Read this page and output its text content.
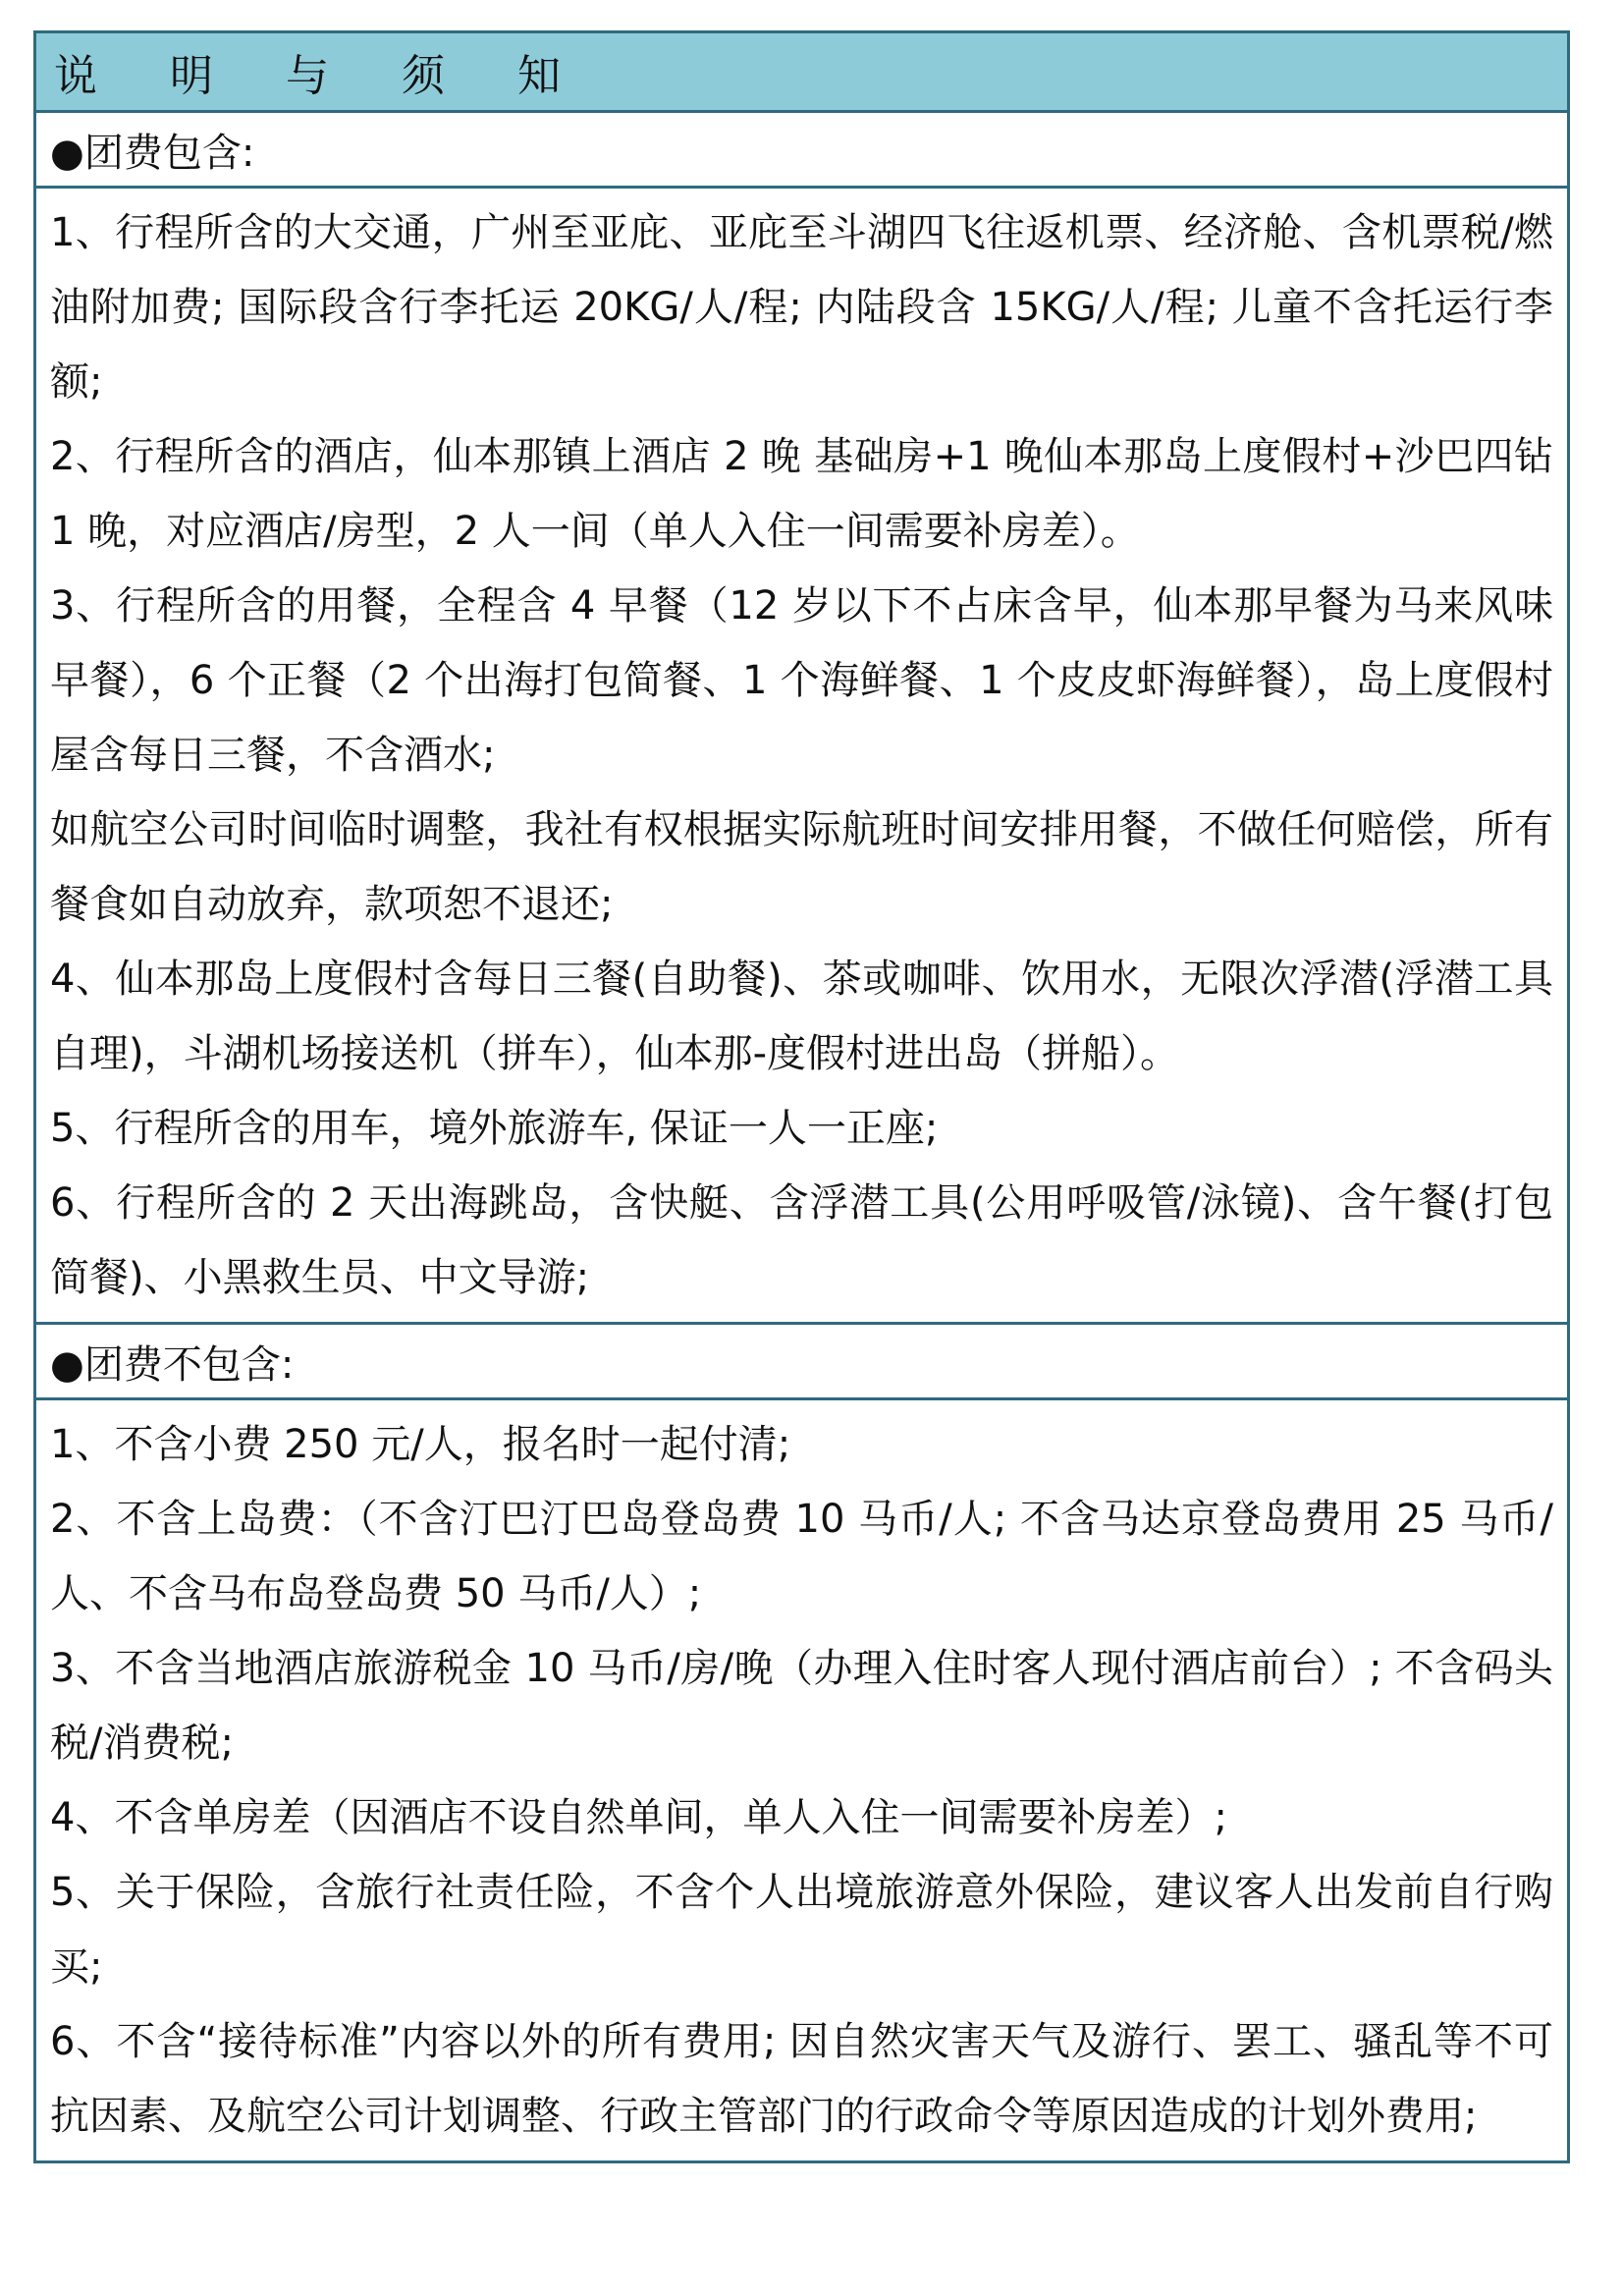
说 明 与 须 知
●团费包含:
1、行程所含的大交通，广州至亚庇、亚庇至斗湖四飞往返机票、经济舱、含机票税/燃油附加费; 国际段含行李托运 20KG/人/程; 内陆段含 15KG/人/程; 儿童不含托运行李额;
2、行程所含的酒店，仙本那镇上酒店 2 晚 基础房+1 晚仙本那岛上度假村+沙巴四钻 1 晚，对应酒店/房型，2 人一间（单人入住一间需要补房差）。
3、行程所含的用餐，全程含 4 早餐（12 岁以下不占床含早，仙本那早餐为马来风味早餐），6 个正餐（2 个出海打包简餐、1 个海鲜餐、1 个皮皮虾海鲜餐），岛上度假村屋含每日三餐，不含酒水;
如航空公司时间临时调整，我社有权根据实际航班时间安排用餐，不做任何赔偿，所有餐食如自动放弃，款项恕不退还;
4、仙本那岛上度假村含每日三餐(自助餐)、茶或咖啡、饮用水，无限次浮潜(浮潜工具自理)，斗湖机场接送机（拼车），仙本那-度假村进出岛（拼船）。
5、行程所含的用车，境外旅游车, 保证一人一正座;
6、行程所含的 2 天出海跳岛，含快艇、含浮潜工具(公用呼吸管/泳镜)、含午餐(打包简餐)、小黑救生员、中文导游;
●团费不包含:
1、不含小费 250 元/人，报名时一起付清;
2、不含上岛费：（不含汀巴汀巴岛登岛费 10 马币/人; 不含马达京登岛费用 25 马币/人、不含马布岛登岛费 50 马币/人）;
3、不含当地酒店旅游税金 10 马币/房/晚（办理入住时客人现付酒店前台）; 不含码头税/消费税;
4、不含单房差（因酒店不设自然单间，单人入住一间需要补房差）;
5、关于保险，含旅行社责任险，不含个人出境旅游意外保险，建议客人出发前自行购买;
6、不含“接待标准”内容以外的所有费用; 因自然灾害天气及游行、罢工、骚乱等不可抗因素、及航空公司计划调整、行政主管部门的行政命令等原因造成的计划外费用;
